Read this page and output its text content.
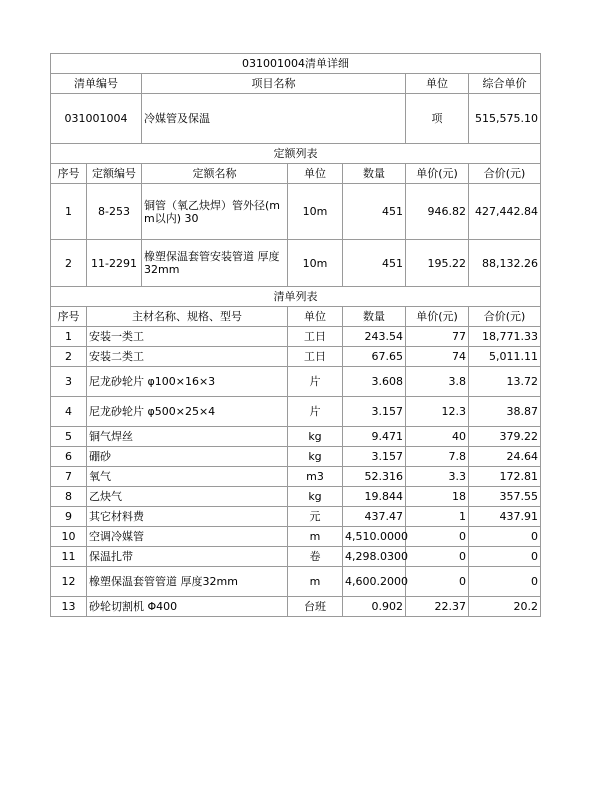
031001004清单详细						
清单编号		项目名称			单位	综合单价
031001004		冷媒管及保温			项	515,575.10
定额列表						
序号	定额编号	定额名称	单位	数量	单价(元)	合价(元)
1	8-253	铜管（氧乙炔焊）管外径(mm以内) 30	10m	451	946.82	427,442.84
2	11-2291	橡塑保温套管安装管道 厚度32mm	10m	451	195.22	88,132.26
清单列表						
序号	主材名称、规格、型号		单位	数量	单价(元)	合价(元)
1	安装一类工		工日	243.54	77	18,771.33
2	安装二类工		工日	67.65	74	5,011.11
3	尼龙砂轮片 φ100×16×3		片	3.608	3.8	13.72
4	尼龙砂轮片 φ500×25×4		片	3.157	12.3	38.87
5	铜气焊丝		kg	9.471	40	379.22
6	硼砂		kg	3.157	7.8	24.64
7	氧气		m3	52.316	3.3	172.81
8	乙炔气		kg	19.844	18	357.55
9	其它材料费		元	437.47	1	437.91
10	空调冷媒管		m	4,510.0000	0	0
11	保温扎带		卷	4,298.0300	0	0
12	橡塑保温套管管道 厚度32mm		m	4,600.2000	0	0
13	砂轮切割机 Φ400		台班	0.902	22.37	20.2
